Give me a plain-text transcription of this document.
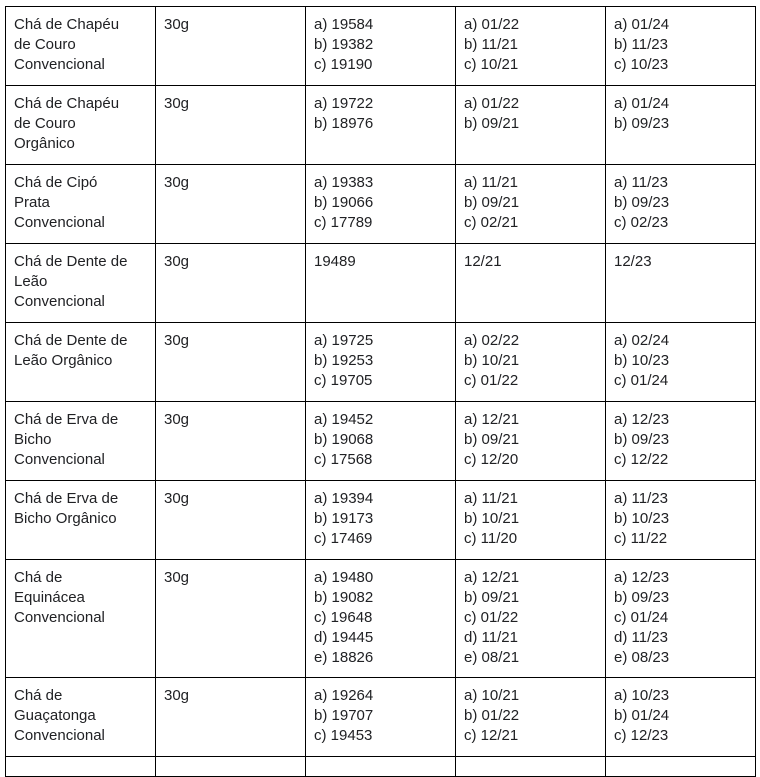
Chá de Chapéu
de Couro
Convencional	30g	a) 19584
b) 19382
c) 19190	a) 01/22
b) 11/21
c) 10/21	a) 01/24
b) 11/23
c) 10/23

Chá de Chapéu
de Couro
Orgânico	30g	a) 19722
b) 18976	a) 01/22
b) 09/21	a) 01/24
b) 09/23

Chá de Cipó
Prata
Convencional	30g	a) 19383
b) 19066
c) 17789	a) 11/21
b) 09/21
c) 02/21	a) 11/23
b) 09/23
c) 02/23

Chá de Dente de
Leão
Convencional	30g	19489	12/21	12/23

Chá de Dente de
Leão Orgânico	30g	a) 19725
b) 19253
c) 19705	a) 02/22
b) 10/21
c) 01/22	a) 02/24
b) 10/23
c) 01/24

Chá de Erva de
Bicho
Convencional	30g	a) 19452
b) 19068
c) 17568	a) 12/21
b) 09/21
c) 12/20	a) 12/23
b) 09/23
c) 12/22

Chá de Erva de
Bicho Orgânico	30g	a) 19394
b) 19173
c) 17469	a) 11/21
b) 10/21
c) 11/20	a) 11/23
b) 10/23
c) 11/22

Chá de
Equinácea
Convencional	30g	a) 19480
b) 19082
c) 19648
d) 19445
e) 18826	a) 12/21
b) 09/21
c) 01/22
d) 11/21
e) 08/21	a) 12/23
b) 09/23
c) 01/24
d) 11/23
e) 08/23

Chá de
Guaçatonga
Convencional	30g	a) 19264
b) 19707
c) 19453	a) 10/21
b) 01/22
c) 12/21	a) 10/23
b) 01/24
c) 12/23
